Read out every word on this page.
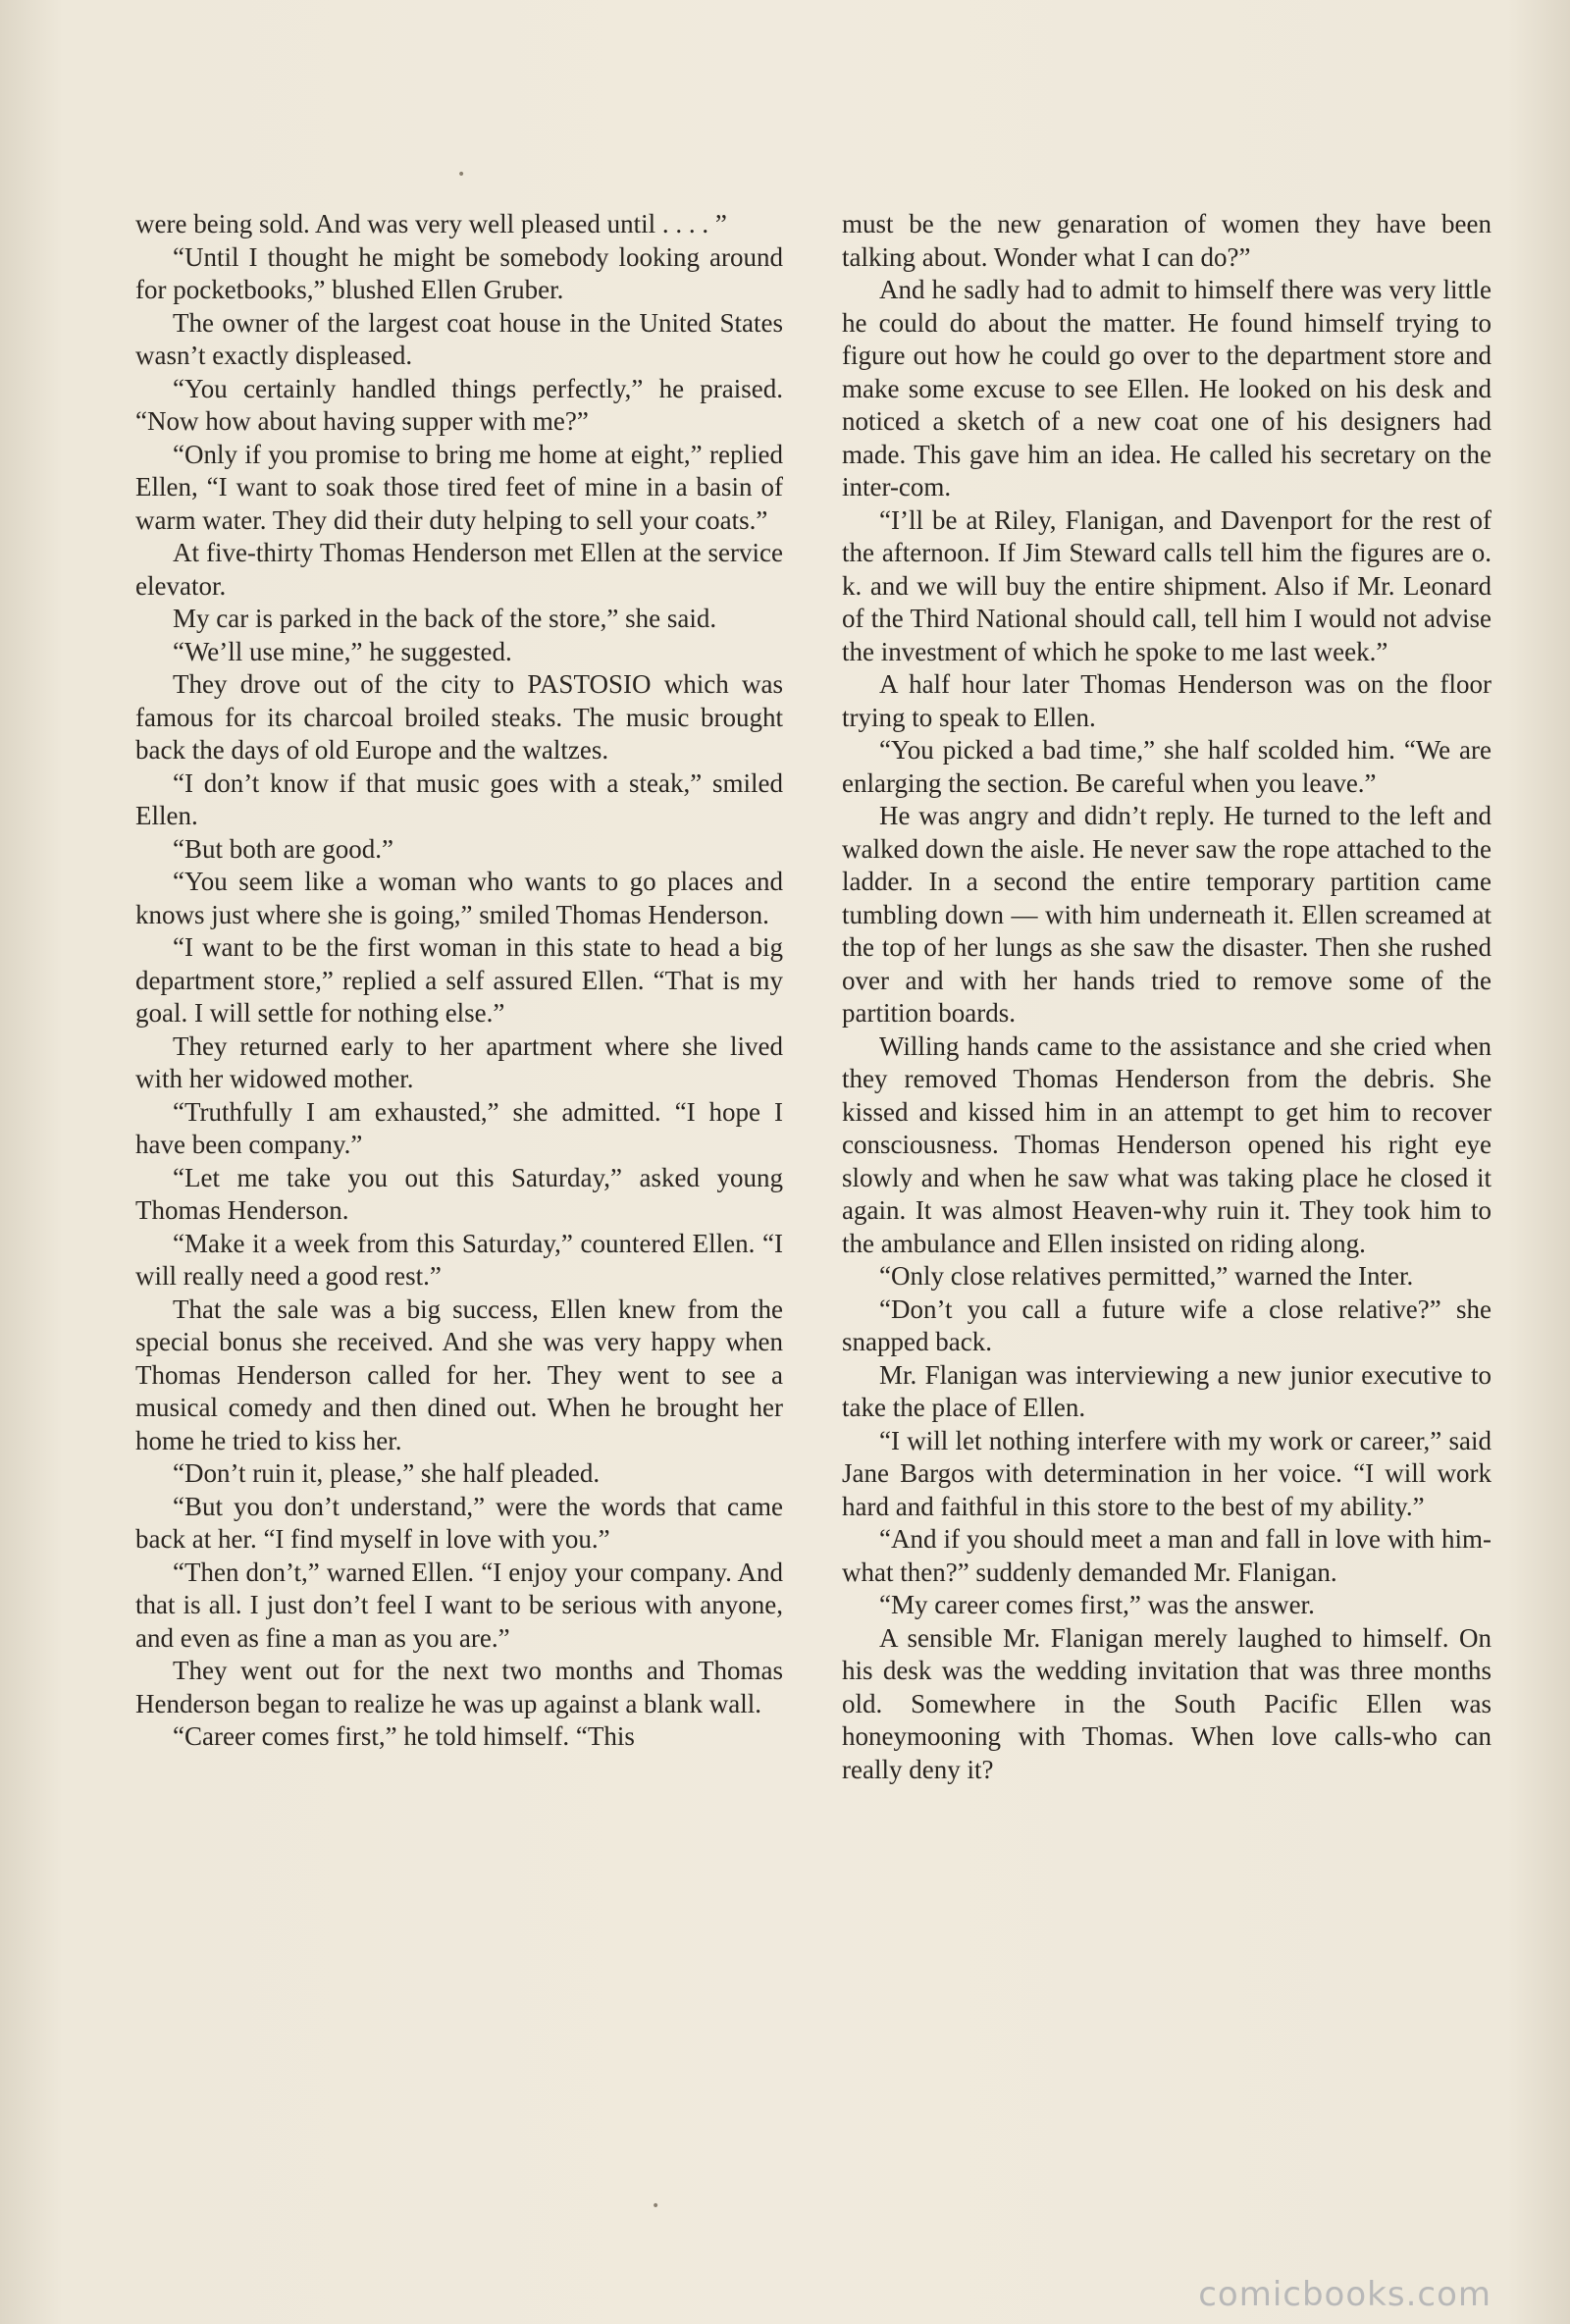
•
•

were being sold. And was very well pleased until . . . . ”

“Until I thought he might be somebody looking around for pocketbooks,” blushed Ellen Gruber.

The owner of the largest coat house in the United States wasn’t exactly displeased.

“You certainly handled things perfectly,” he praised. “Now how about having supper with me?”

“Only if you promise to bring me home at eight,” replied Ellen, “I want to soak those tired feet of mine in a basin of warm water. They did their duty helping to sell your coats.”

At five-thirty Thomas Henderson met Ellen at the service elevator.

My car is parked in the back of the store,” she said.

“We’ll use mine,” he suggested.

They drove out of the city to PASTOSIO which was famous for its charcoal broiled steaks. The music brought back the days of old Europe and the waltzes.

“I don’t know if that music goes with a steak,” smiled Ellen.

“But both are good.”

“You seem like a woman who wants to go places and knows just where she is going,” smiled Thomas Henderson.

“I want to be the first woman in this state to head a big department store,” replied a self assured Ellen. “That is my goal. I will settle for nothing else.”

They returned early to her apartment where she lived with her widowed mother.

“Truthfully I am exhausted,” she admitted. “I hope I have been company.”

“Let me take you out this Saturday,” asked young Thomas Henderson.

“Make it a week from this Saturday,” countered Ellen. “I will really need a good rest.”

That the sale was a big success, Ellen knew from the special bonus she received. And she was very happy when Thomas Henderson called for her. They went to see a musical comedy and then dined out. When he brought her home he tried to kiss her.

“Don’t ruin it, please,” she half pleaded.

“But you don’t understand,” were the words that came back at her. “I find myself in love with you.”

“Then don’t,” warned Ellen. “I enjoy your company. And that is all. I just don’t feel I want to be serious with anyone, and even as fine a man as you are.”

They went out for the next two months and Thomas Henderson began to realize he was up against a blank wall.

“Career comes first,” he told himself. “This

must be the new genaration of women they have been talking about. Wonder what I can do?”

And he sadly had to admit to himself there was very little he could do about the matter. He found himself trying to figure out how he could go over to the department store and make some excuse to see Ellen. He looked on his desk and noticed a sketch of a new coat one of his designers had made. This gave him an idea. He called his secretary on the inter-com.

“I’ll be at Riley, Flanigan, and Davenport for the rest of the afternoon. If Jim Steward calls tell him the figures are o. k. and we will buy the entire shipment. Also if Mr. Leonard of the Third National should call, tell him I would not advise the investment of which he spoke to me last week.”

A half hour later Thomas Henderson was on the floor trying to speak to Ellen.

“You picked a bad time,” she half scolded him. “We are enlarging the section. Be careful when you leave.”

He was angry and didn’t reply. He turned to the left and walked down the aisle. He never saw the rope attached to the ladder. In a second the entire temporary partition came tumbling down — with him underneath it. Ellen screamed at the top of her lungs as she saw the disaster. Then she rushed over and with her hands tried to remove some of the partition boards.

Willing hands came to the assistance and she cried when they removed Thomas Henderson from the debris. She kissed and kissed him in an attempt to get him to recover consciousness. Thomas Henderson opened his right eye slowly and when he saw what was taking place he closed it again. It was almost Heaven-why ruin it. They took him to the ambulance and Ellen insisted on riding along.

“Only close relatives permitted,” warned the Inter.

“Don’t you call a future wife a close relative?” she snapped back.

Mr. Flanigan was interviewing a new junior executive to take the place of Ellen.

“I will let nothing interfere with my work or career,” said Jane Bargos with determination in her voice. “I will work hard and faithful in this store to the best of my ability.”

“And if you should meet a man and fall in love with him-what then?” suddenly demanded Mr. Flanigan.

“My career comes first,” was the answer.

A sensible Mr. Flanigan merely laughed to himself. On his desk was the wedding invitation that was three months old. Somewhere in the South Pacific Ellen was honeymooning with Thomas. When love calls-who can really deny it?

comicbooks.com
